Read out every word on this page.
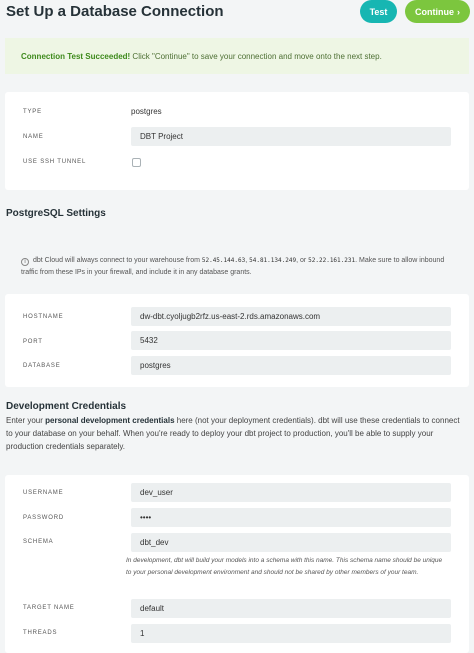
Set Up a Database Connection	Test	Continue ›
Connection Test Succeeded! Click "Continue" to save your connection and move onto the next step.
TYPE	postgres
NAME	DBT Project
USE SSH TUNNEL
PostgreSQL Settings
i dbt Cloud will always connect to your warehouse from 52.45.144.63, 54.81.134.249, or 52.22.161.231. Make sure to allow inbound traffic from these IPs in your firewall, and include it in any database grants.
HOSTNAME	dw-dbt.cyoljugb2rfz.us-east-2.rds.amazonaws.com
PORT	5432
DATABASE	postgres
Development Credentials
Enter your personal development credentials here (not your deployment credentials). dbt will use these credentials to connect to your database on your behalf. When you're ready to deploy your dbt project to production, you'll be able to supply your production credentials separately.
USERNAME	dev_user
PASSWORD	••••
SCHEMA	dbt_dev
TARGET NAME	default
THREADS	1
In development, dbt will build your models into a schema with this name. This schema name should be unique to your personal development environment and should not be shared by other members of your team.
